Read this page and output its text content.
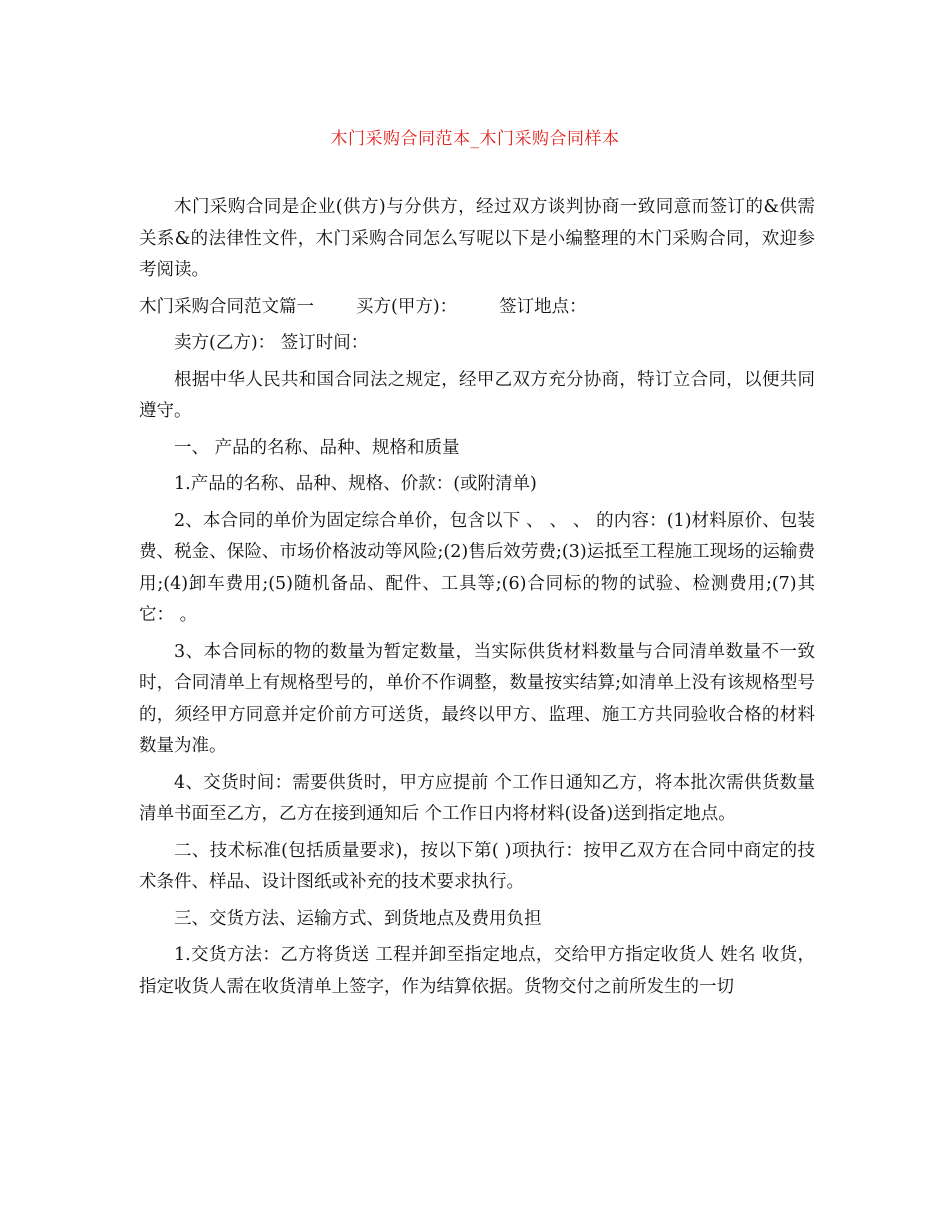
木门采购合同范本_木门采购合同样本

木门采购合同是企业(供方)与分供方，经过双方谈判协商一致同意而签订的&供需关系&的法律性文件，木门采购合同怎么写呢以下是小编整理的木门采购合同，欢迎参考阅读。

木门采购合同范文篇一 买方(甲方)： 签订地点：

卖方(乙方)： 签订时间：

根据中华人民共和国合同法之规定，经甲乙双方充分协商，特订立合同，以便共同遵守。

一、 产品的名称、品种、规格和质量

1.产品的名称、品种、规格、价款：(或附清单)

2、本合同的单价为固定综合单价，包含以下 、 、 、 的内容：(1)材料原价、包装费、税金、保险、市场价格波动等风险;(2)售后效劳费;(3)运抵至工程施工现场的运输费用;(4)卸车费用;(5)随机备品、配件、工具等;(6)合同标的物的试验、检测费用;(7)其它： 。

3、本合同标的物的数量为暂定数量，当实际供货材料数量与合同清单数量不一致时，合同清单上有规格型号的，单价不作调整，数量按实结算;如清单上没有该规格型号的，须经甲方同意并定价前方可送货，最终以甲方、监理、施工方共同验收合格的材料数量为准。

4、交货时间：需要供货时，甲方应提前 个工作日通知乙方，将本批次需供货数量清单书面至乙方，乙方在接到通知后 个工作日内将材料(设备)送到指定地点。

二、技术标准(包括质量要求)，按以下第( )项执行：按甲乙双方在合同中商定的技术条件、样品、设计图纸或补充的技术要求执行。

三、交货方法、运输方式、到货地点及费用负担

1.交货方法：乙方将货送 工程并卸至指定地点，交给甲方指定收货人 姓名 收货，指定收货人需在收货清单上签字，作为结算依据。货物交付之前所发生的一切
